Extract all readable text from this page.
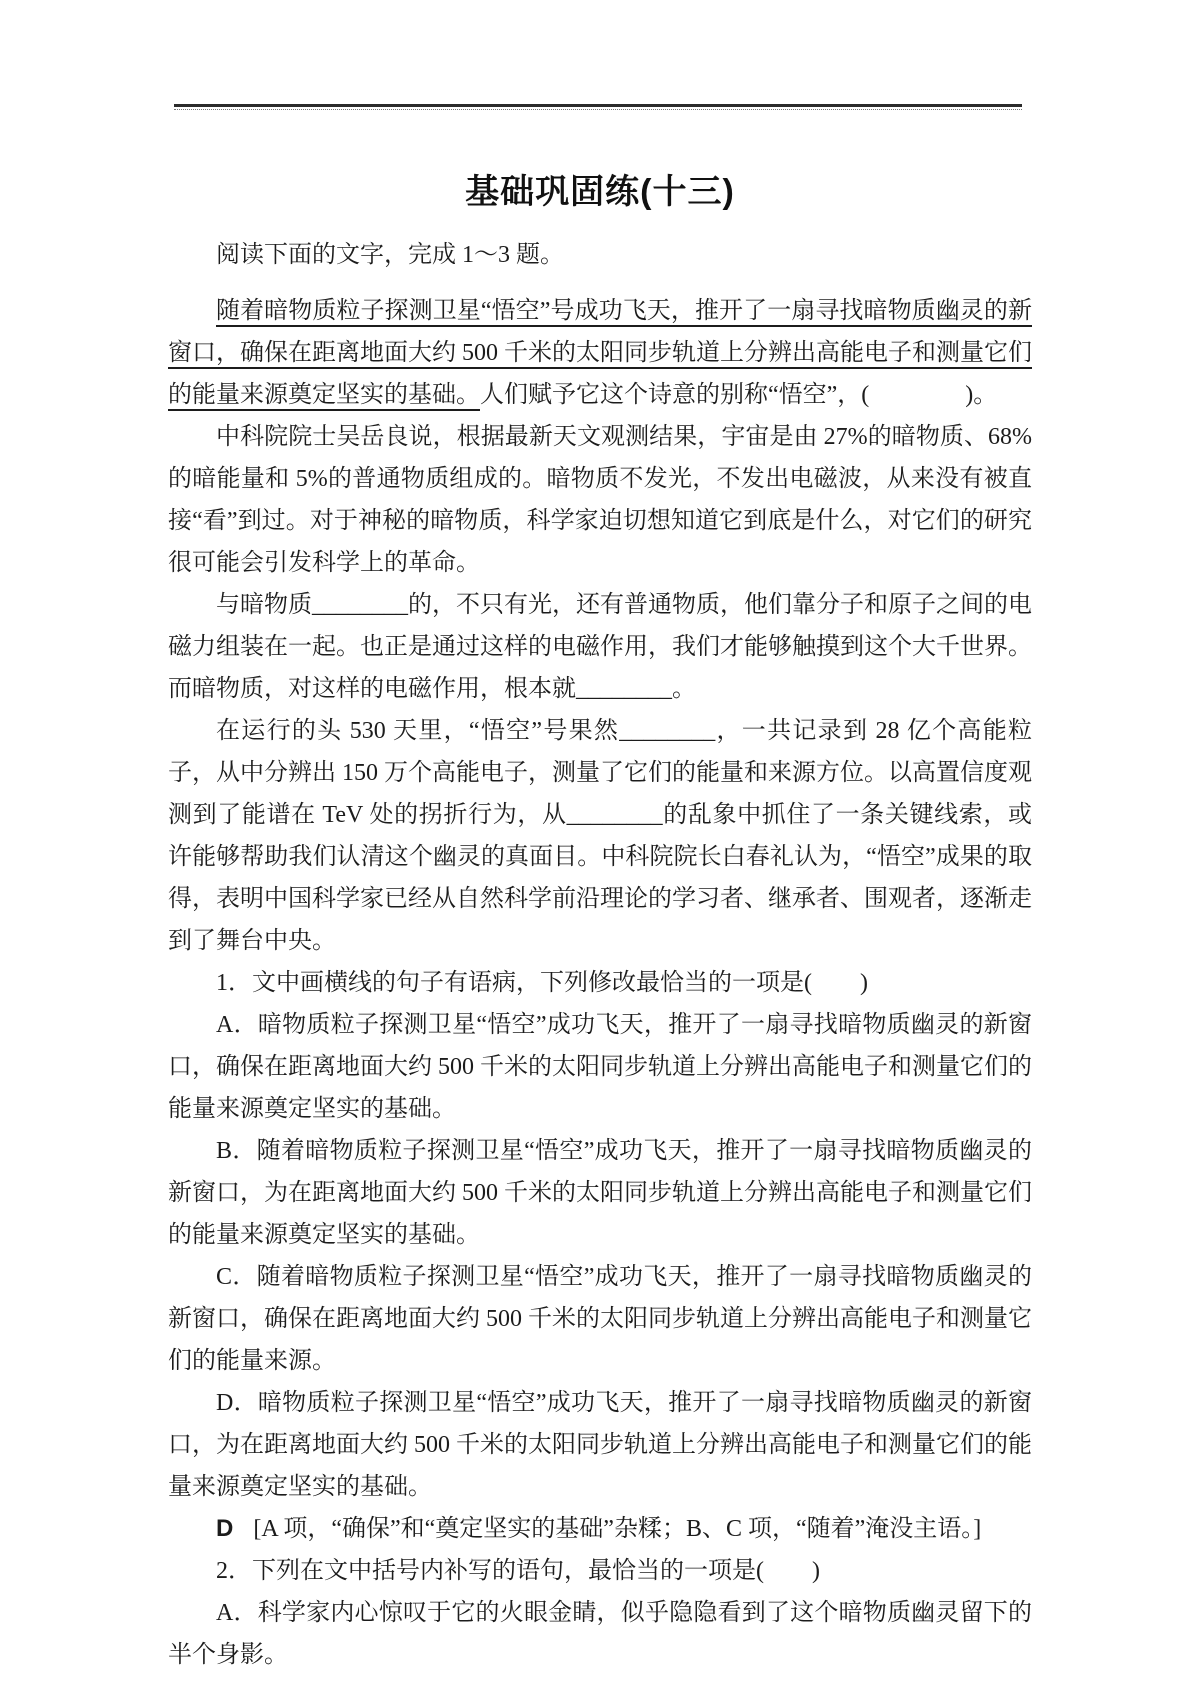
基础巩固练(十三)

阅读下面的文字，完成 1～3 题。

随着暗物质粒子探测卫星“悟空”号成功飞天，推开了一扇寻找暗物质幽灵的新窗口，确保在距离地面大约 500 千米的太阳同步轨道上分辨出高能电子和测量它们的能量来源奠定坚实的基础。人们赋予它这个诗意的别称“悟空”，(　　　　)。

中科院院士吴岳良说，根据最新天文观测结果，宇宙是由 27%的暗物质、68%的暗能量和 5%的普通物质组成的。暗物质不发光，不发出电磁波，从来没有被直接“看”到过。对于神秘的暗物质，科学家迫切想知道它到底是什么，对它们的研究很可能会引发科学上的革命。

与暗物质________的，不只有光，还有普通物质，他们靠分子和原子之间的电磁力组装在一起。也正是通过这样的电磁作用，我们才能够触摸到这个大千世界。而暗物质，对这样的电磁作用，根本就________。

在运行的头 530 天里，“悟空”号果然________，一共记录到 28 亿个高能粒子，从中分辨出 150 万个高能电子，测量了它们的能量和来源方位。以高置信度观测到了能谱在 TeV 处的拐折行为，从________的乱象中抓住了一条关键线索，或许能够帮助我们认清这个幽灵的真面目。中科院院长白春礼认为，“悟空”成果的取得，表明中国科学家已经从自然科学前沿理论的学习者、继承者、围观者，逐渐走到了舞台中央。

1．文中画横线的句子有语病，下列修改最恰当的一项是(　　)

A．暗物质粒子探测卫星“悟空”成功飞天，推开了一扇寻找暗物质幽灵的新窗口，确保在距离地面大约 500 千米的太阳同步轨道上分辨出高能电子和测量它们的能量来源奠定坚实的基础。

B．随着暗物质粒子探测卫星“悟空”成功飞天，推开了一扇寻找暗物质幽灵的新窗口，为在距离地面大约 500 千米的太阳同步轨道上分辨出高能电子和测量它们的能量来源奠定坚实的基础。

C．随着暗物质粒子探测卫星“悟空”成功飞天，推开了一扇寻找暗物质幽灵的新窗口，确保在距离地面大约 500 千米的太阳同步轨道上分辨出高能电子和测量它们的能量来源。

D．暗物质粒子探测卫星“悟空”成功飞天，推开了一扇寻找暗物质幽灵的新窗口，为在距离地面大约 500 千米的太阳同步轨道上分辨出高能电子和测量它们的能量来源奠定坚实的基础。

D [A 项，“确保”和“奠定坚实的基础”杂糅；B、C 项，“随着”淹没主语。]

2．下列在文中括号内补写的语句，最恰当的一项是(　　)

A．科学家内心惊叹于它的火眼金睛，似乎隐隐看到了这个暗物质幽灵留下的半个身影。
